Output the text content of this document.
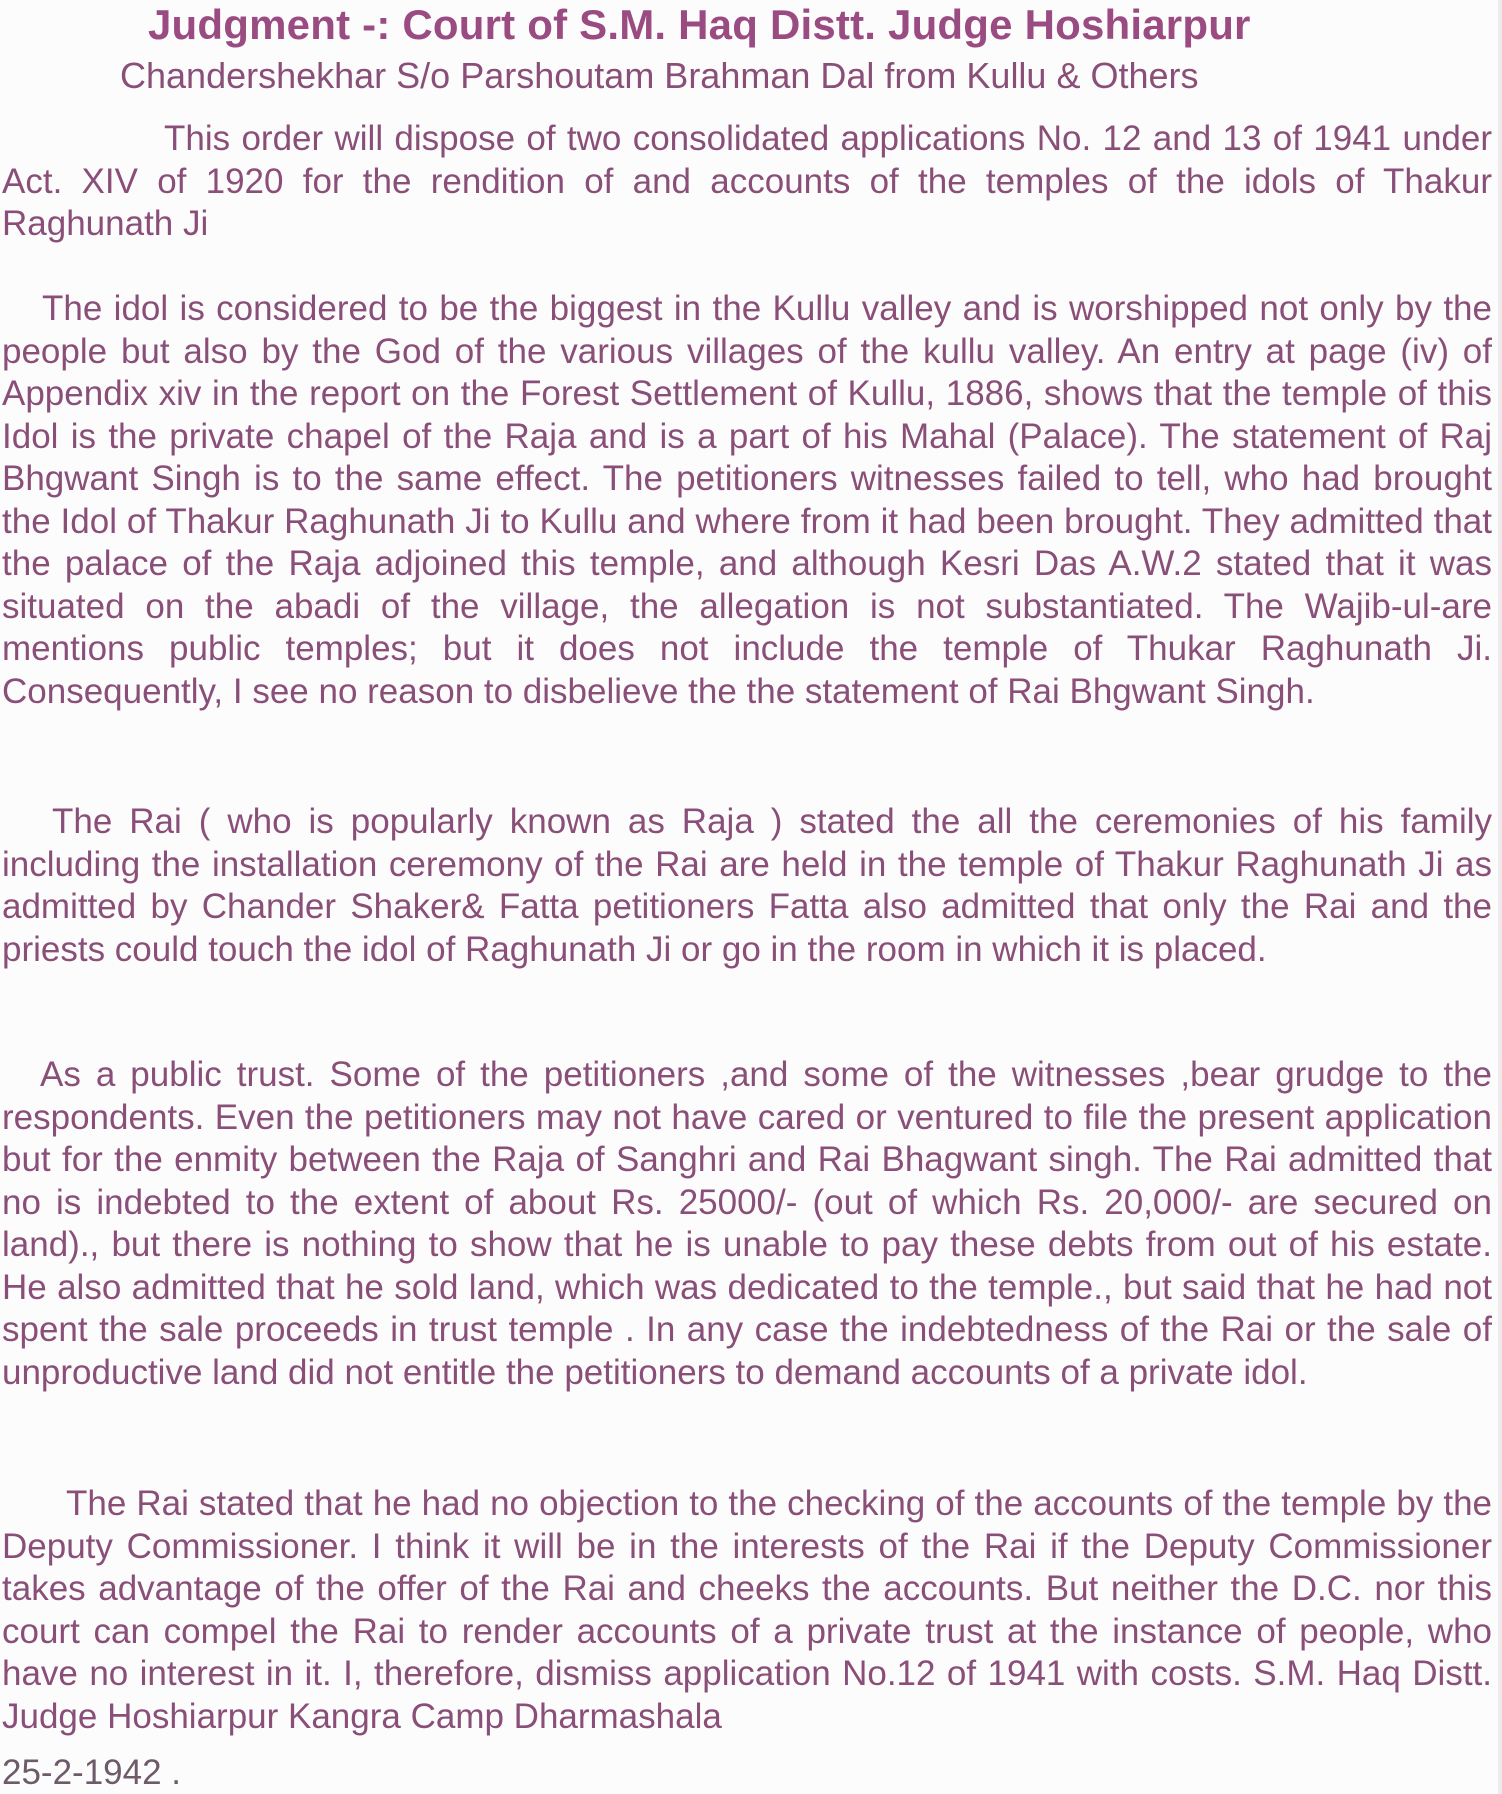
Judgment -: Court of S.M. Haq Distt. Judge Hoshiarpur
Chandershekhar S/o Parshoutam Brahman Dal from Kullu & Others

This order will dispose of two consolidated applications No. 12 and 13 of 1941 under Act. XIV of 1920 for the rendition of and accounts of the temples of the idols of Thakur Raghunath Ji

The idol is considered to be the biggest in the Kullu valley and is worshipped not only by the people but also by the God of the various villages of the kullu valley. An entry at page (iv) of Appendix xiv in the report on the Forest Settlement of Kullu, 1886, shows that the temple of this Idol is the private chapel of the Raja and is a part of his Mahal (Palace). The statement of Raj Bhgwant Singh is to the same effect. The petitioners witnesses failed to tell, who had brought the Idol of Thakur Raghunath Ji to Kullu and where from it had been brought. They admitted that the palace of the Raja adjoined this temple, and although Kesri Das A.W.2 stated that it was situated on the abadi of the village, the allegation is not substantiated. The Wajib-ul-are mentions public temples; but it does not include the temple of Thukar Raghunath Ji. Consequently, I see no reason to disbelieve the the statement of Rai Bhgwant Singh.

The Rai ( who is popularly known as Raja ) stated the all the ceremonies of his family including the installation ceremony of the Rai are held in the temple of Thakur Raghunath Ji as admitted by Chander Shaker& Fatta petitioners Fatta also admitted that only the Rai and the priests could touch the idol of Raghunath Ji or go in the room in which it is placed.

As a public trust. Some of the petitioners ,and some of the witnesses ,bear grudge to the respondents. Even the petitioners may not have cared or ventured to file the present application but for the enmity between the Raja of Sanghri and Rai Bhagwant singh. The Rai admitted that no is indebted to the extent of about Rs. 25000/- (out of which Rs. 20,000/- are secured on land)., but there is nothing to show that he is unable to pay these debts from out of his estate. He also admitted that he sold land, which was dedicated to the temple., but said that he had not spent the sale proceeds in trust temple . In any case the indebtedness of the Rai or the sale of unproductive land did not entitle the petitioners to demand accounts of a private idol.

The Rai stated that he had no objection to the checking of the accounts of the temple by the Deputy Commissioner. I think it will be in the interests of the Rai if the Deputy Commissioner takes advantage of the offer of the Rai and cheeks the accounts. But neither the D.C. nor this court can compel the Rai to render accounts of a private trust at the instance of people, who have no interest in it. I, therefore, dismiss application No.12 of 1941 with costs. S.M. Haq Distt. Judge Hoshiarpur Kangra Camp Dharmashala

25-2-1942 .
